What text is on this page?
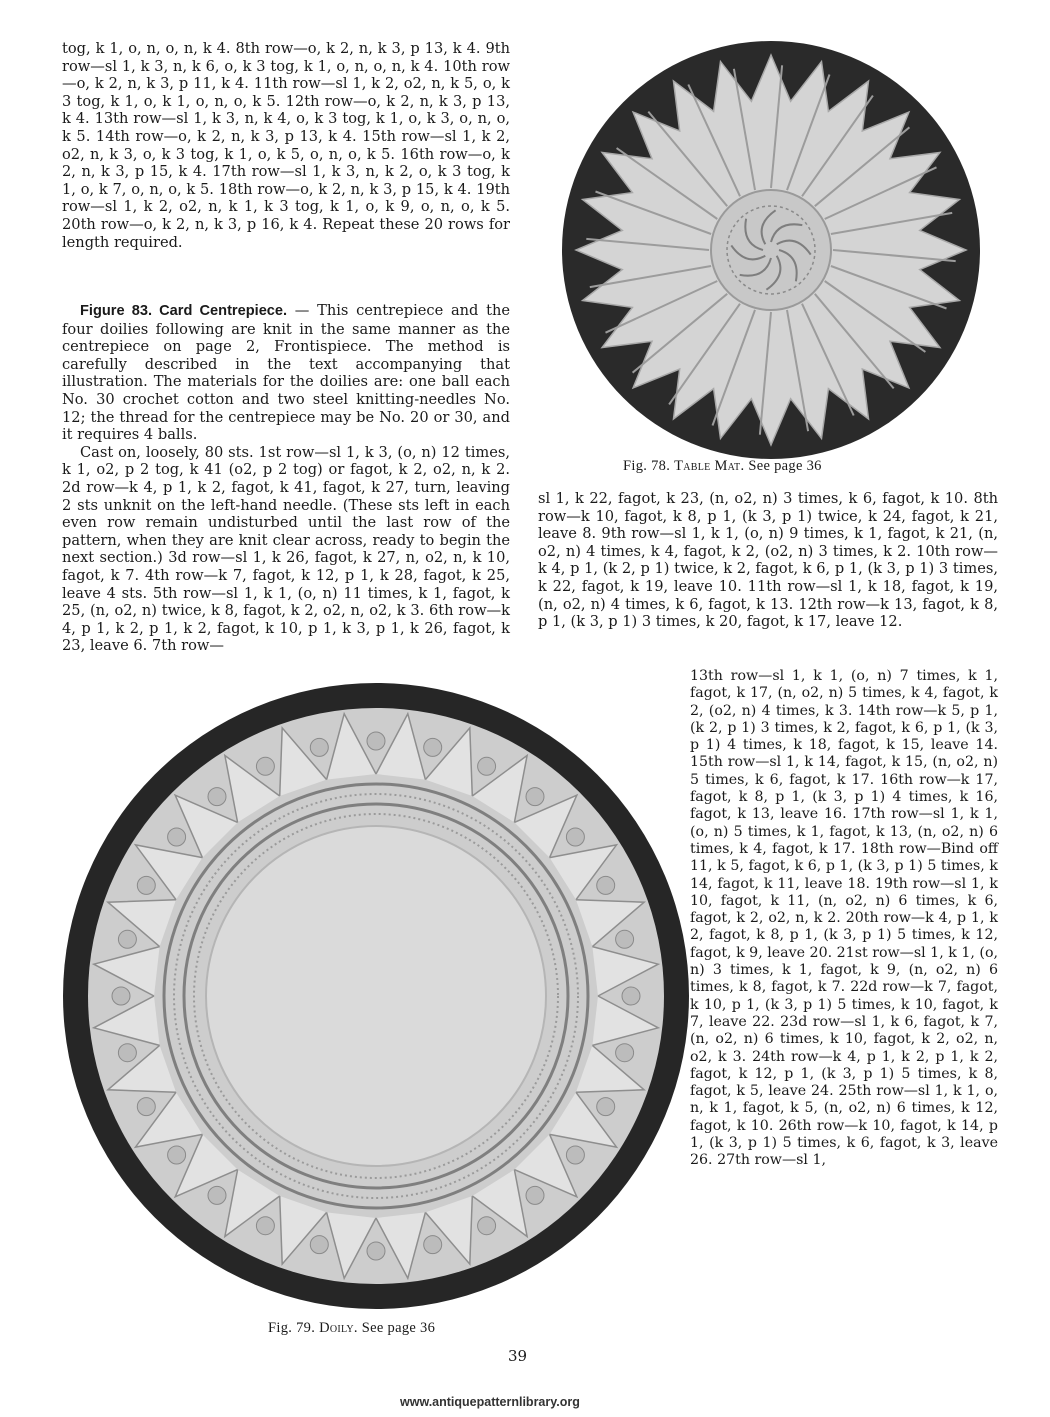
tog, k 1, o, n, o, n, k 4. 8th row—o, k 2, n, k 3, p 13, k 4. 9th row—sl 1, k 3, n, k 6, o, k 3 tog, k 1, o, n, o, n, k 4. 10th row—o, k 2, n, k 3, p 11, k 4. 11th row—sl 1, k 2, o2, n, k 5, o, k 3 tog, k 1, o, k 1, o, n, o, k 5. 12th row—o, k 2, n, k 3, p 13, k 4. 13th row—sl 1, k 3, n, k 4, o, k 3 tog, k 1, o, k 3, o, n, o, k 5. 14th row—o, k 2, n, k 3, p 13, k 4. 15th row—sl 1, k 2, o2, n, k 3, o, k 3 tog, k 1, o, k 5, o, n, o, k 5. 16th row—o, k 2, n, k 3, p 15, k 4. 17th row—sl 1, k 3, n, k 2, o, k 3 tog, k 1, o, k 7, o, n, o, k 5. 18th row—o, k 2, n, k 3, p 15, k 4. 19th row—sl 1, k 2, o2, n, k 1, k 3 tog, k 1, o, k 9, o, n, o, k 5. 20th row—o, k 2, n, k 3, p 16, k 4. Repeat these 20 rows for length required.

Figure 83. Card Centrepiece. — This centrepiece and the four doilies following are knit in the same manner as the centrepiece on page 2, Frontispiece. The method is carefully described in the text accompanying that illustration. The materials for the doilies are: one ball each No. 30 crochet cotton and two steel knitting-needles No. 12; the thread for the centrepiece may be No. 20 or 30, and it requires 4 balls.

Cast on, loosely, 80 sts. 1st row—sl 1, k 3, (o, n) 12 times, k 1, o2, p 2 tog, k 41 (o2, p 2 tog) or fagot, k 2, o2, n, k 2. 2d row—k 4, p 1, k 2, fagot, k 41, fagot, k 27, turn, leaving 2 sts unknit on the left-hand needle. (These sts left in each even row remain undisturbed until the last row of the pattern, when they are knit clear across, ready to begin the next section.) 3d row—sl 1, k 26, fagot, k 27, n, o2, n, k 10, fagot, k 7. 4th row—k 7, fagot, k 12, p 1, k 28, fagot, k 25, leave 4 sts. 5th row—sl 1, k 1, (o, n) 11 times, k 1, fagot, k 25, (n, o2, n) twice, k 8, fagot, k 2, o2, n, o2, k 3. 6th row—k 4, p 1, k 2, p 1, k 2, fagot, k 10, p 1, k 3, p 1, k 26, fagot, k 23, leave 6. 7th row—

Fig. 78. Table Mat. See page 36

sl 1, k 22, fagot, k 23, (n, o2, n) 3 times, k 6, fagot, k 10. 8th row—k 10, fagot, k 8, p 1, (k 3, p 1) twice, k 24, fagot, k 21, leave 8. 9th row—sl 1, k 1, (o, n) 9 times, k 1, fagot, k 21, (n, o2, n) 4 times, k 4, fagot, k 2, (o2, n) 3 times, k 2. 10th row—k 4, p 1, (k 2, p 1) twice, k 2, fagot, k 6, p 1, (k 3, p 1) 3 times, k 22, fagot, k 19, leave 10. 11th row—sl 1, k 18, fagot, k 19, (n, o2, n) 4 times, k 6, fagot, k 13. 12th row—k 13, fagot, k 8, p 1, (k 3, p 1) 3 times, k 20, fagot, k 17, leave 12.

13th row—sl 1, k 1, (o, n) 7 times, k 1, fagot, k 17, (n, o2, n) 5 times, k 4, fagot, k 2, (o2, n) 4 times, k 3. 14th row—k 5, p 1, (k 2, p 1) 3 times, k 2, fagot, k 6, p 1, (k 3, p 1) 4 times, k 18, fagot, k 15, leave 14. 15th row—sl 1, k 14, fagot, k 15, (n, o2, n) 5 times, k 6, fagot, k 17. 16th row—k 17, fagot, k 8, p 1, (k 3, p 1) 4 times, k 16, fagot, k 13, leave 16. 17th row—sl 1, k 1, (o, n) 5 times, k 1, fagot, k 13, (n, o2, n) 6 times, k 4, fagot, k 17. 18th row—Bind off 11, k 5, fagot, k 6, p 1, (k 3, p 1) 5 times, k 14, fagot, k 11, leave 18. 19th row—sl 1, k 10, fagot, k 11, (n, o2, n) 6 times, k 6, fagot, k 2, o2, n, k 2. 20th row—k 4, p 1, k 2, fagot, k 8, p 1, (k 3, p 1) 5 times, k 12, fagot, k 9, leave 20. 21st row—sl 1, k 1, (o, n) 3 times, k 1, fagot, k 9, (n, o2, n) 6 times, k 8, fagot, k 7. 22d row—k 7, fagot, k 10, p 1, (k 3, p 1) 5 times, k 10, fagot, k 7, leave 22. 23d row—sl 1, k 6, fagot, k 7, (n, o2, n) 6 times, k 10, fagot, k 2, o2, n, o2, k 3. 24th row—k 4, p 1, k 2, p 1, k 2, fagot, k 12, p 1, (k 3, p 1) 5 times, k 8, fagot, k 5, leave 24. 25th row—sl 1, k 1, o, n, k 1, fagot, k 5, (n, o2, n) 6 times, k 12, fagot, k 10. 26th row—k 10, fagot, k 14, p 1, (k 3, p 1) 5 times, k 6, fagot, k 3, leave 26. 27th row—sl 1,

Fig. 79. Doily. See page 36
39
www.antiquepatternlibrary.org
